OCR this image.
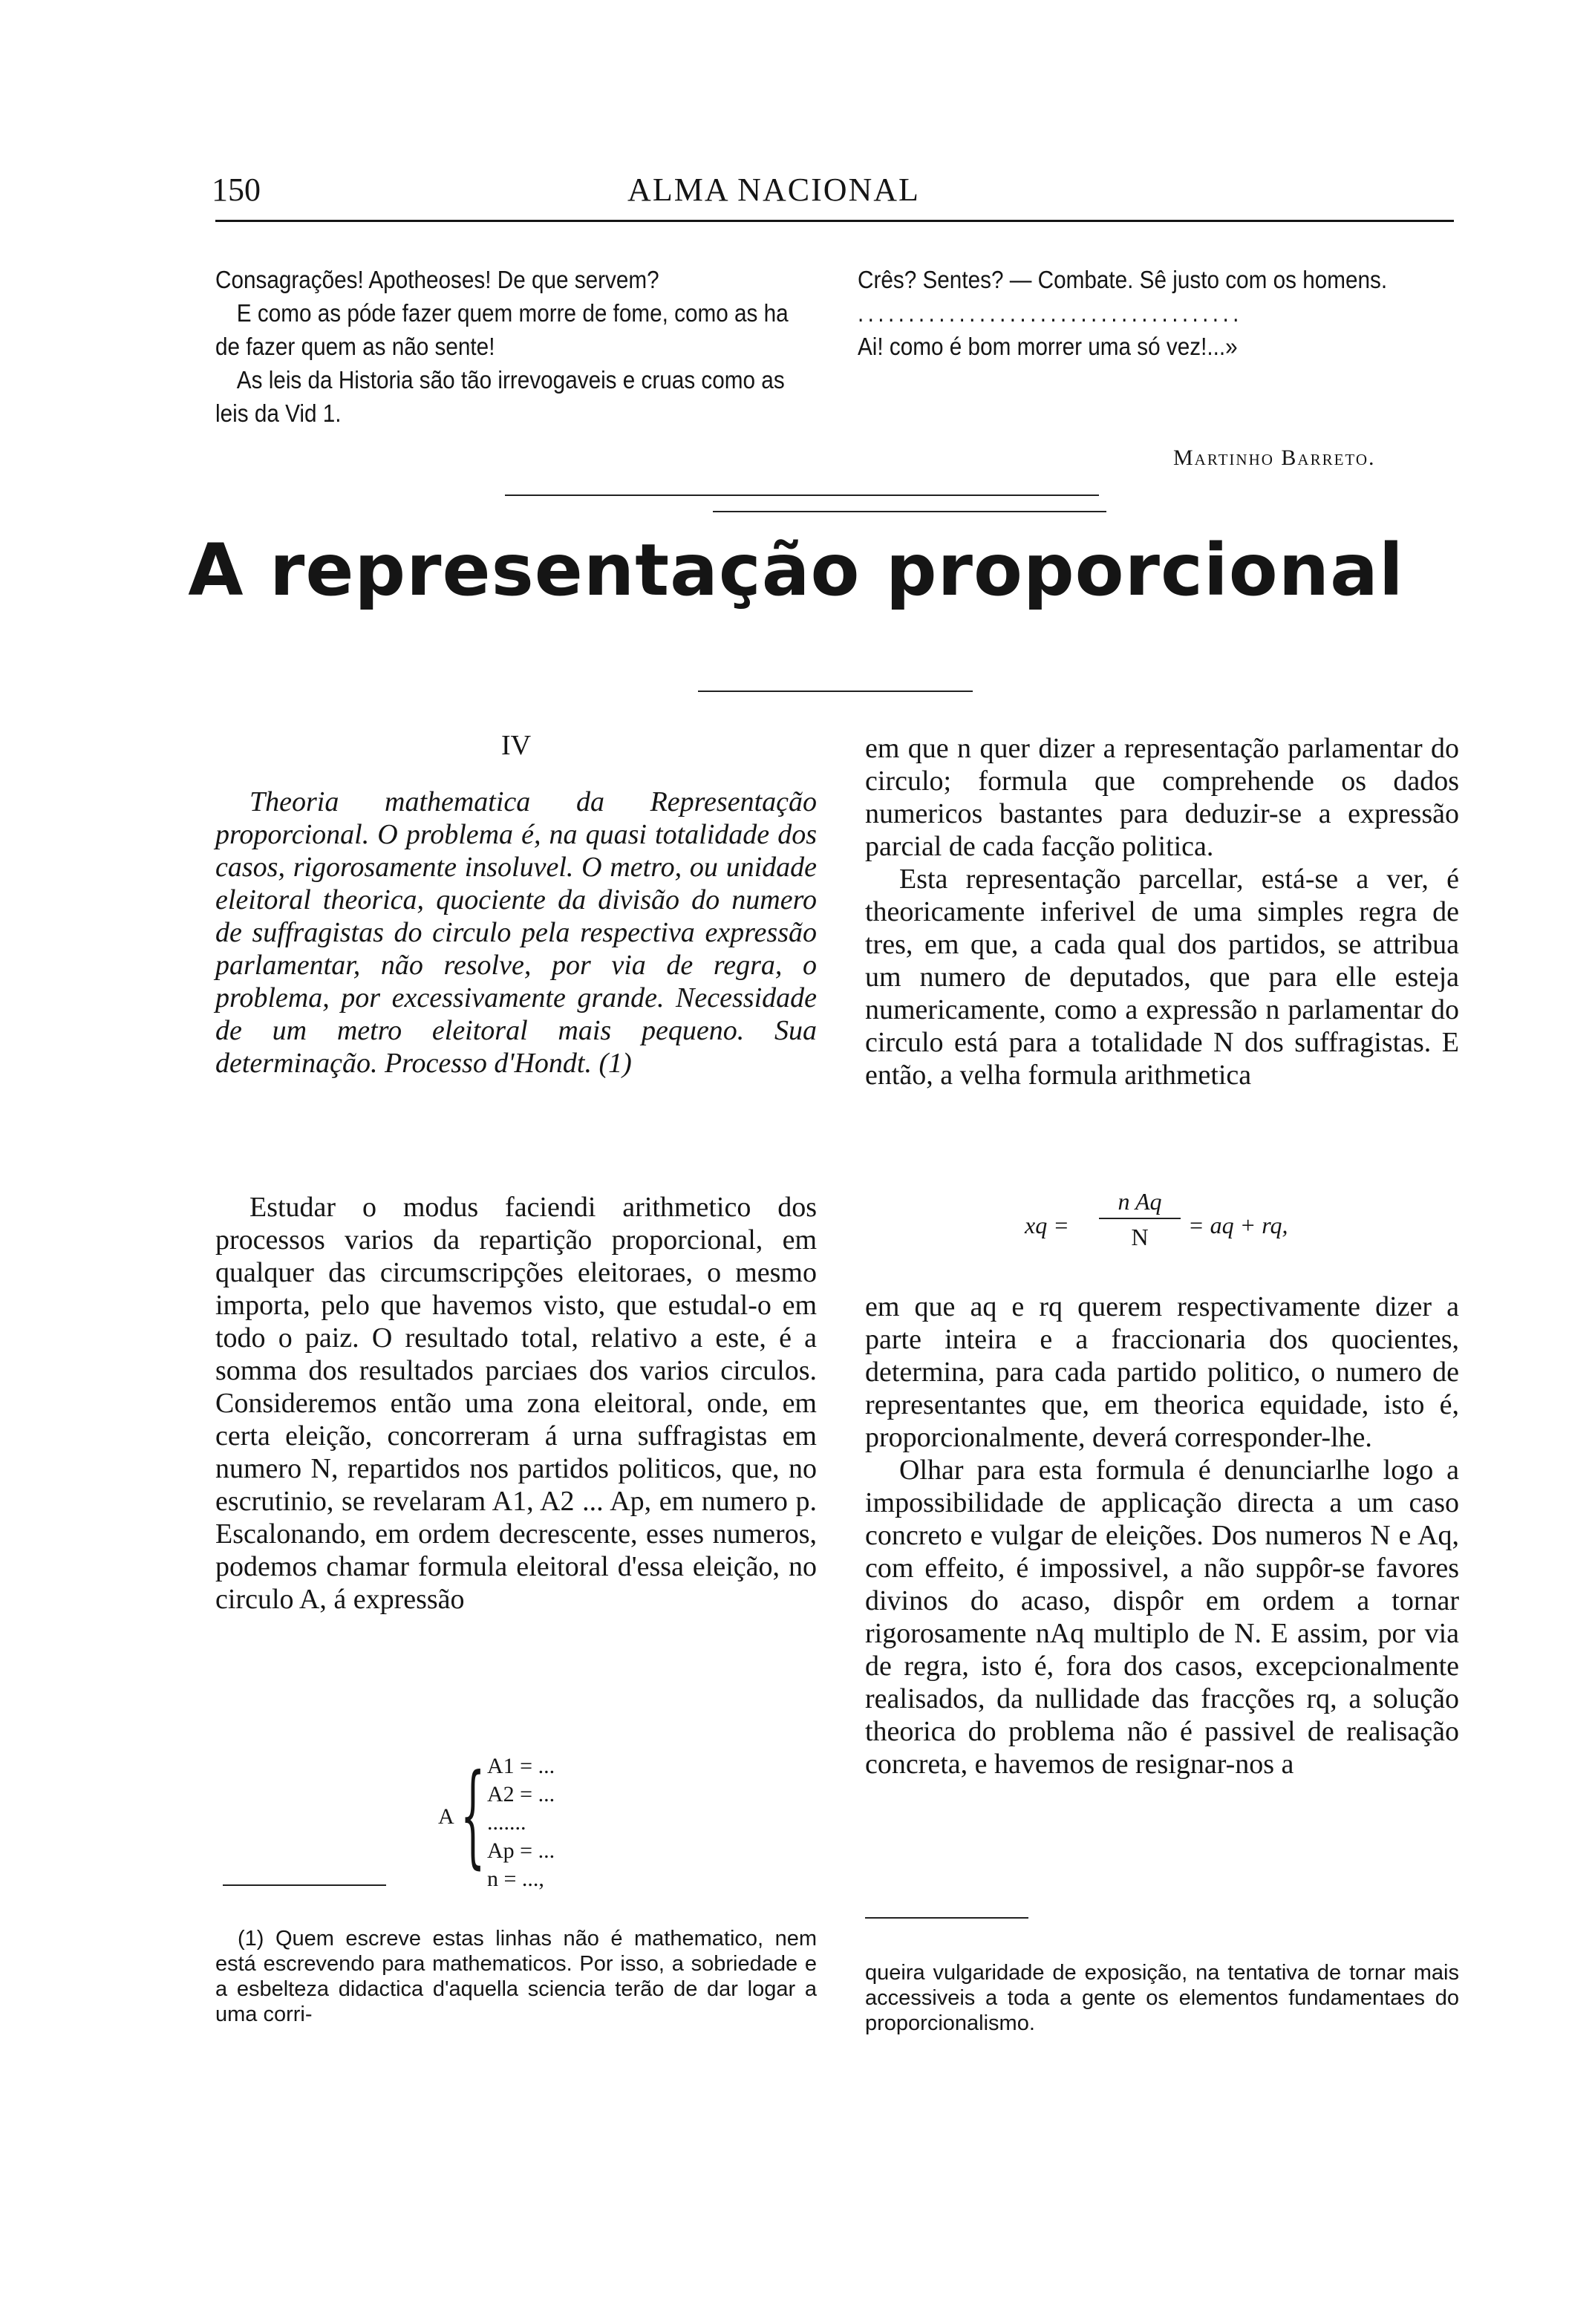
150	ALMA NACIONAL

Consagrações! Apotheoses! De que servem?

E como as póde fazer quem morre de fome, como as ha de fazer quem as não sente!

As leis da Historia são tão irrevogaveis e cruas como as leis da Vid 1.

Crês? Sentes? — Combate. Sê justo com os homens.

......................................

Ai! como é bom morrer uma só vez!...»

Martinho Barreto.
A representação proporcional
IV

Theoria mathematica da Representação proporcional. O problema é, na quasi totalidade dos casos, rigorosamente insoluvel. O metro, ou unidade eleitoral theorica, quociente da divisão do numero de suffragistas do circulo pela respectiva expressão parlamentar, não resolve, por via de regra, o problema, por excessivamente grande. Necessidade de um metro eleitoral mais pequeno. Sua determinação. Processo d'Hondt. (1)

Estudar o modus faciendi arithmetico dos processos varios da repartição proporcional, em qualquer das circumscripções eleitoraes, o mesmo importa, pelo que havemos visto, que estudal-o em todo o paiz. O resultado total, relativo a este, é a somma dos resultados parciaes dos varios circulos. Consideremos então uma zona eleitoral, onde, em certa eleição, concorreram á urna suffragistas em numero N, repartidos nos partidos politicos, que, no escrutinio, se revelaram A1, A2 ... Ap, em numero p. Escalonando, em ordem decrescente, esses numeros, podemos chamar formula eleitoral d'essa eleição, no circulo A, á expressão

A { A1 = ...
A2 = ...
.......
Ap = ...
n = ...,

em que n quer dizer a representação parlamentar do circulo; formula que comprehende os dados numericos bastantes para deduzir-se a expressão parcial de cada facção politica.

Esta representação parcellar, está-se a ver, é theoricamente inferivel de uma simples regra de tres, em que, a cada qual dos partidos, se attribua um numero de deputados, que para elle esteja numericamente, como a expressão n parlamentar do circulo está para a totalidade N dos suffragistas. E então, a velha formula arithmetica

xq =
n Aq
N	= aq + rq,

em que aq e rq querem respectivamente dizer a parte inteira e a fraccionaria dos quocientes, determina, para cada partido politico, o numero de representantes que, em theorica equidade, isto é, proporcionalmente, deverá corresponder-lhe.

Olhar para esta formula é denunciarlhe logo a impossibilidade de applicação directa a um caso concreto e vulgar de eleições. Dos numeros N e Aq, com effeito, é impossivel, a não suppôr-se favores divinos do acaso, dispôr em ordem a tornar rigorosamente nAq multiplo de N. E assim, por via de regra, isto é, fora dos casos, excepcionalmente realisados, da nullidade das fracções rq, a solução theorica do problema não é passivel de realisação concreta, e havemos de resignar-nos a

(1) Quem escreve estas linhas não é mathematico, nem está escrevendo para mathematicos. Por isso, a sobriedade e a esbelteza didactica d'aquella sciencia terão de dar logar a uma corri-

queira vulgaridade de exposição, na tentativa de tornar mais accessiveis a toda a gente os elementos fundamentaes do proporcionalismo.
